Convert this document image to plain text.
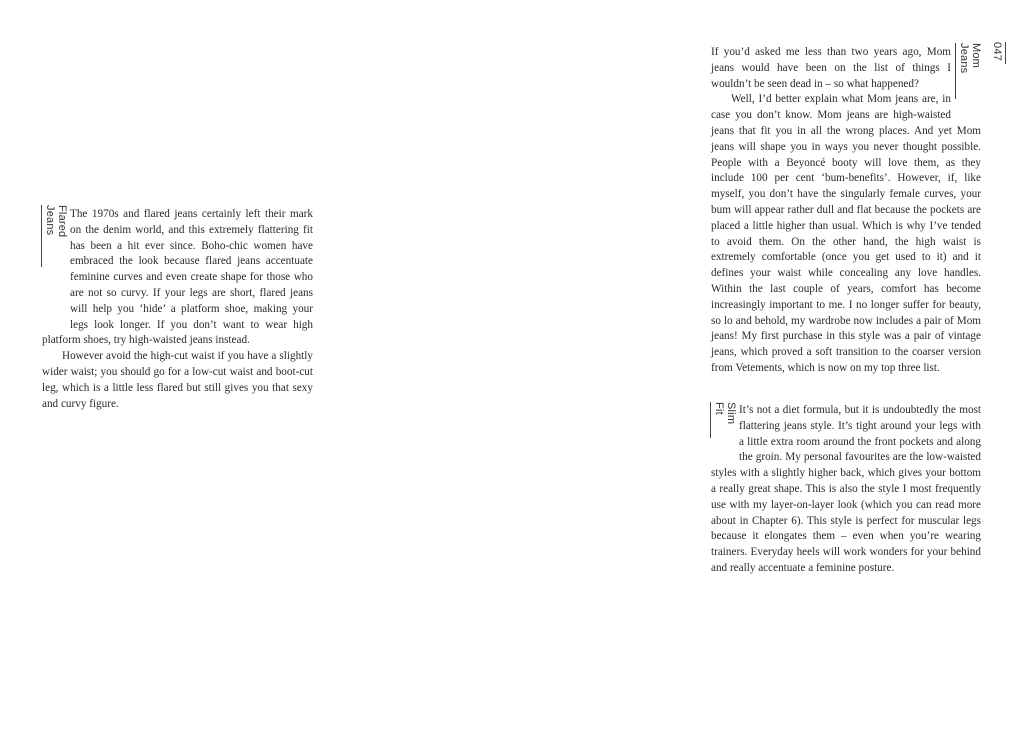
Flared Jeans	The 1970s and flared jeans certainly left their mark on the denim world, and this extremely flattering fit has been a hit ever since. Boho-chic women have embraced the look because flared jeans accentuate feminine curves and even create shape for those who are not so curvy. If your legs are short, flared jeans will help you ‘hide’ a platform shoe, making your legs look longer. If you don’t want to wear high platform shoes, try high-waisted jeans instead.

However avoid the high-cut waist if you have a slightly wider waist; you should go for a low-cut waist and boot-cut leg, which is a little less flared but still gives you that sexy and curvy figure.

047
Mom Jeans

If you’d asked me less than two years ago, Mom jeans would have been on the list of things I wouldn’t be seen dead in – so what happened?

Well, I’d better explain what Mom jeans are, in case you don’t know. Mom jeans are high-waisted jeans that fit you in all the wrong places. And yet Mom jeans will shape you in ways you never thought possible. People with a Beyoncé booty will love them, as they include 100 per cent ‘bum-benefits’. However, if, like myself, you don’t have the singularly female curves, your bum will appear rather dull and flat because the pockets are placed a little higher than usual. Which is why I’ve tended to avoid them. On the other hand, the high waist is extremely comfortable (once you get used to it) and it defines your waist while concealing any love handles. Within the last couple of years, comfort has become increasingly important to me. I no longer suffer for beauty, so lo and behold, my wardrobe now includes a pair of Mom jeans! My first purchase in this style was a pair of vintage jeans, which proved a soft transition to the coarser version from Vetements, which is now on my top three list.

Slim Fit	It’s not a diet formula, but it is undoubtedly the most flattering jeans style. It’s tight around your legs with a little extra room around the front pockets and along the groin. My personal favourites are the low-waisted styles with a slightly higher back, which gives your bottom a really great shape. This is also the style I most frequently use with my layer-on-layer look (which you can read more about in Chapter 6). This style is perfect for muscular legs because it elongates them – even when you’re wearing trainers. Everyday heels will work wonders for your behind and really accentuate a feminine posture.
